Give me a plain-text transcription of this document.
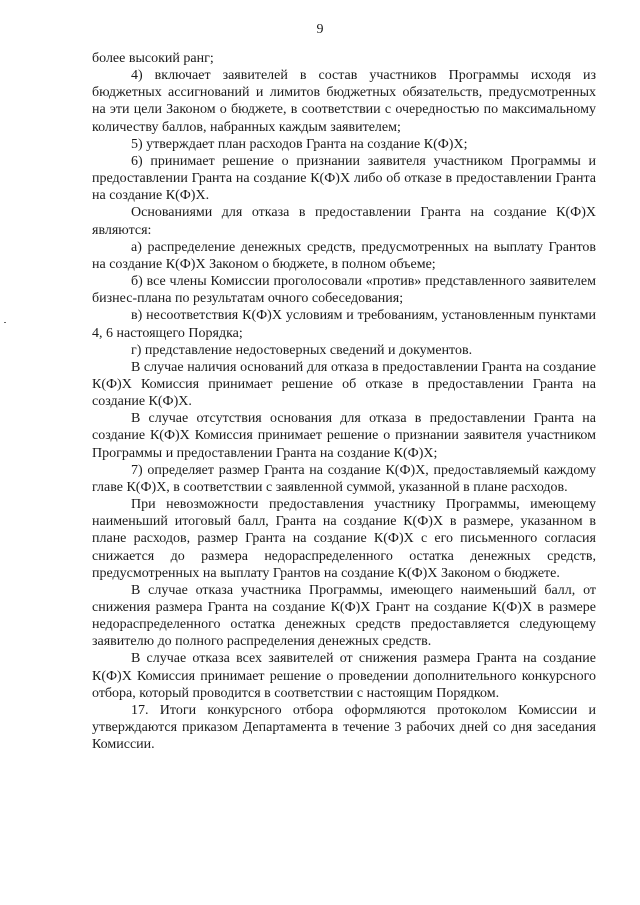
9

более высокий ранг;

4) включает заявителей в состав участников Программы исходя из бюджетных ассигнований и лимитов бюджетных обязательств, предусмотренных на эти цели Законом о бюджете, в соответствии с очередностью по максимальному количеству баллов, набранных каждым заявителем;

5) утверждает план расходов Гранта на создание К(Ф)Х;

6) принимает решение о признании заявителя участником Программы и предоставлении Гранта на создание К(Ф)Х либо об отказе в предоставлении Гранта на создание К(Ф)Х.

Основаниями для отказа в предоставлении Гранта на создание К(Ф)Х являются:

а) распределение денежных средств, предусмотренных на выплату Грантов на создание К(Ф)Х Законом о бюджете, в полном объеме;

б) все члены Комиссии проголосовали «против» представленного заявителем бизнес-плана по результатам очного собеседования;

в) несоответствия К(Ф)Х условиям и требованиям, установленным пунктами 4, 6 настоящего Порядка;

г) представление недостоверных сведений и документов.

В случае наличия оснований для отказа в предоставлении Гранта на создание К(Ф)Х Комиссия принимает решение об отказе в предоставлении Гранта на создание К(Ф)Х.

В случае отсутствия основания для отказа в предоставлении Гранта на создание К(Ф)Х Комиссия принимает решение о признании заявителя участником Программы и предоставлении Гранта на создание К(Ф)Х;

7) определяет размер Гранта на создание К(Ф)Х, предоставляемый каждому главе К(Ф)Х, в соответствии с заявленной суммой, указанной в плане расходов.

При невозможности предоставления участнику Программы, имеющему наименьший итоговый балл, Гранта на создание К(Ф)Х в размере, указанном в плане расходов, размер Гранта на создание К(Ф)Х с его письменного согласия снижается до размера недораспределенного остатка денежных средств, предусмотренных на выплату Грантов на создание К(Ф)Х Законом о бюджете.

В случае отказа участника Программы, имеющего наименьший балл, от снижения размера Гранта на создание К(Ф)Х Грант на создание К(Ф)Х в размере недораспределенного остатка денежных средств предоставляется следующему заявителю до полного распределения денежных средств.

В случае отказа всех заявителей от снижения размера Гранта на создание К(Ф)Х Комиссия принимает решение о проведении дополнительного конкурсного отбора, который проводится в соответствии с настоящим Порядком.

17. Итоги конкурсного отбора оформляются протоколом Комиссии и утверждаются приказом Департамента в течение 3 рабочих дней со дня заседания Комиссии.
